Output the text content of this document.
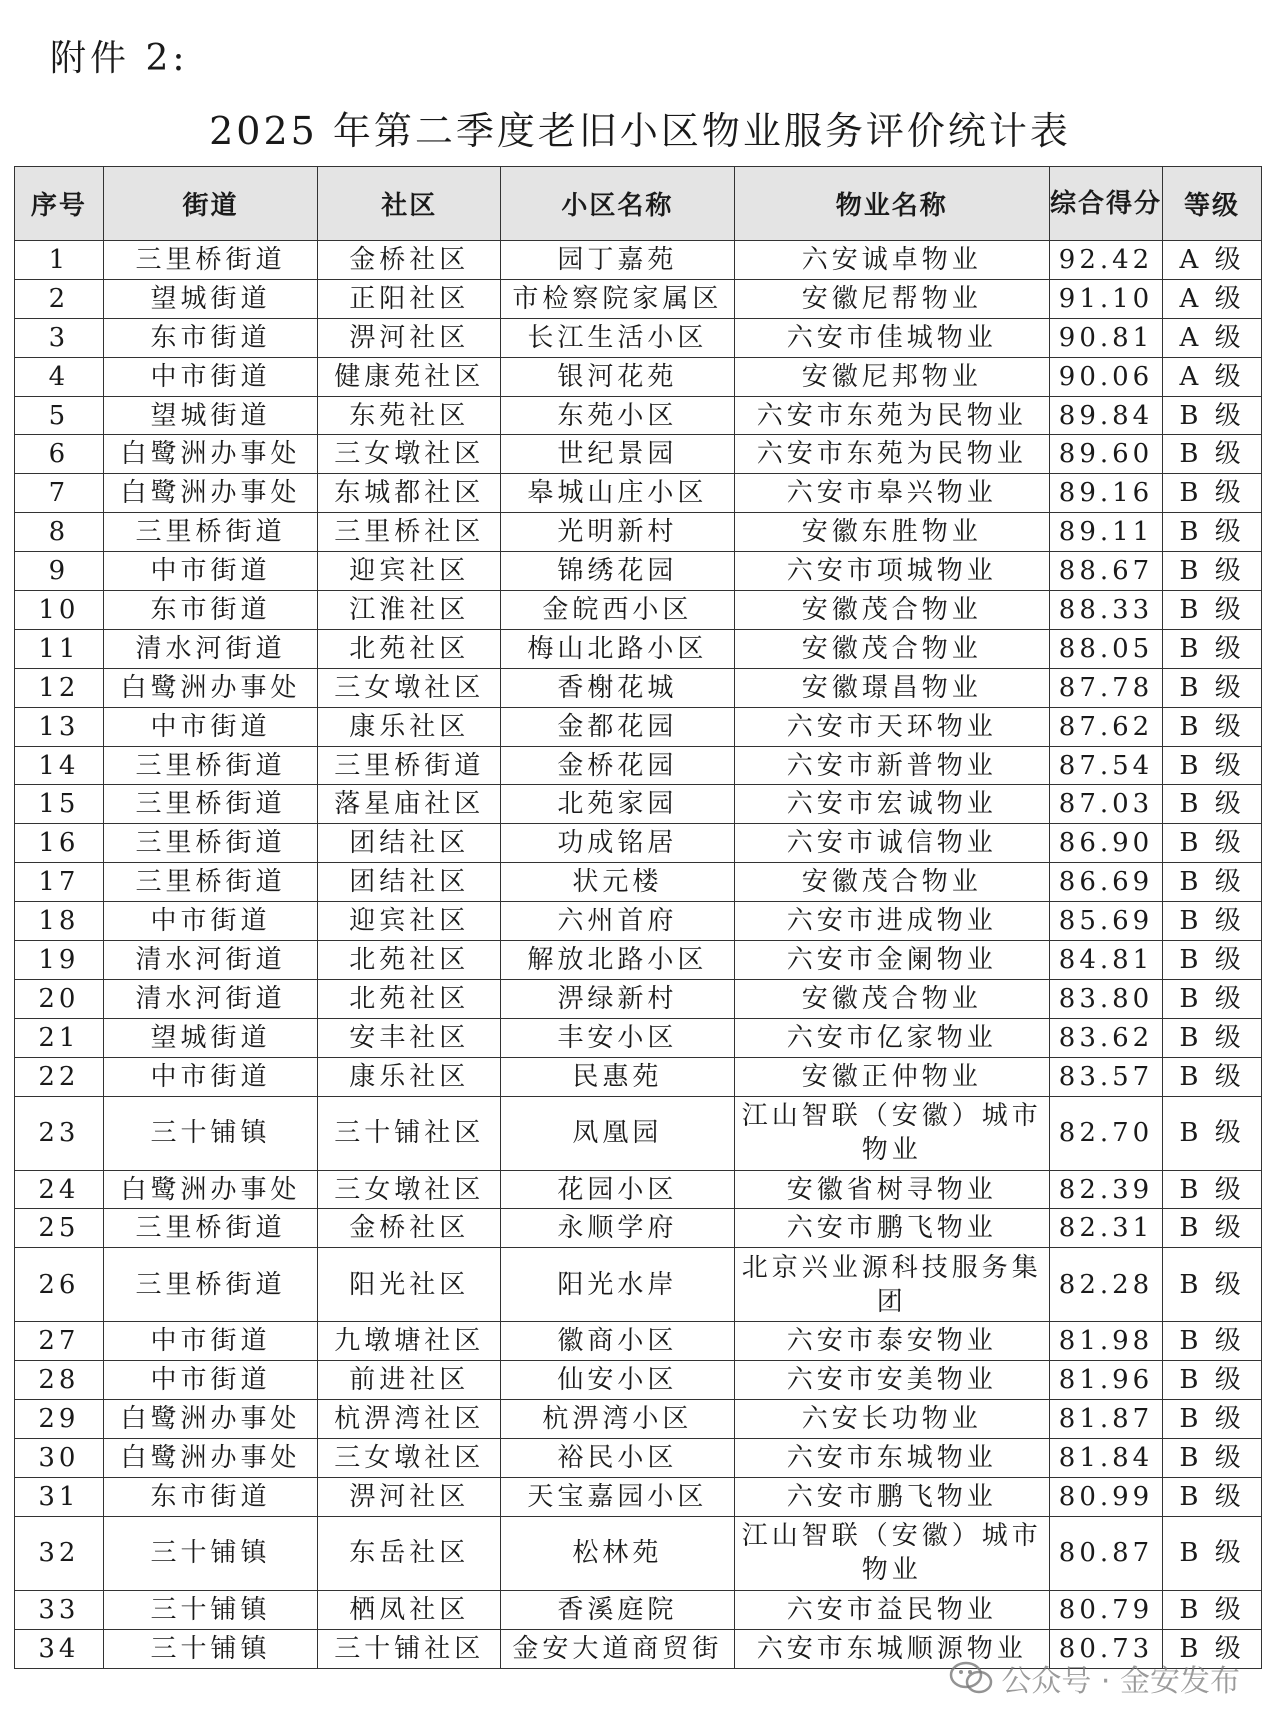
附件 2:
2025 年第二季度老旧小区物业服务评价统计表
序号	街道	社区	小区名称	物业名称	综合得分	等级
1	三里桥街道	金桥社区	园丁嘉苑	六安诚卓物业	92.42	A 级
2	望城街道	正阳社区	市检察院家属区	安徽尼帮物业	91.10	A 级
3	东市街道	淠河社区	长江生活小区	六安市佳城物业	90.81	A 级
4	中市街道	健康苑社区	银河花苑	安徽尼邦物业	90.06	A 级
5	望城街道	东苑社区	东苑小区	六安市东苑为民物业	89.84	B 级
6	白鹭洲办事处	三女墩社区	世纪景园	六安市东苑为民物业	89.60	B 级
7	白鹭洲办事处	东城都社区	皋城山庄小区	六安市皋兴物业	89.16	B 级
8	三里桥街道	三里桥社区	光明新村	安徽东胜物业	89.11	B 级
9	中市街道	迎宾社区	锦绣花园	六安市项城物业	88.67	B 级
10	东市街道	江淮社区	金皖西小区	安徽茂合物业	88.33	B 级
11	清水河街道	北苑社区	梅山北路小区	安徽茂合物业	88.05	B 级
12	白鹭洲办事处	三女墩社区	香榭花城	安徽璟昌物业	87.78	B 级
13	中市街道	康乐社区	金都花园	六安市天环物业	87.62	B 级
14	三里桥街道	三里桥街道	金桥花园	六安市新普物业	87.54	B 级
15	三里桥街道	落星庙社区	北苑家园	六安市宏诚物业	87.03	B 级
16	三里桥街道	团结社区	功成铭居	六安市诚信物业	86.90	B 级
17	三里桥街道	团结社区	状元楼	安徽茂合物业	86.69	B 级
18	中市街道	迎宾社区	六州首府	六安市进成物业	85.69	B 级
19	清水河街道	北苑社区	解放北路小区	六安市金阑物业	84.81	B 级
20	清水河街道	北苑社区	淠绿新村	安徽茂合物业	83.80	B 级
21	望城街道	安丰社区	丰安小区	六安市亿家物业	83.62	B 级
22	中市街道	康乐社区	民惠苑	安徽正仲物业	83.57	B 级
23	三十铺镇	三十铺社区	凤凰园	江山智联（安徽）城市物业	82.70	B 级
24	白鹭洲办事处	三女墩社区	花园小区	安徽省树寻物业	82.39	B 级
25	三里桥街道	金桥社区	永顺学府	六安市鹏飞物业	82.31	B 级
26	三里桥街道	阳光社区	阳光水岸	北京兴业源科技服务集团	82.28	B 级
27	中市街道	九墩塘社区	徽商小区	六安市泰安物业	81.98	B 级
28	中市街道	前进社区	仙安小区	六安市安美物业	81.96	B 级
29	白鹭洲办事处	杭淠湾社区	杭淠湾小区	六安长功物业	81.87	B 级
30	白鹭洲办事处	三女墩社区	裕民小区	六安市东城物业	81.84	B 级
31	东市街道	淠河社区	天宝嘉园小区	六安市鹏飞物业	80.99	B 级
32	三十铺镇	东岳社区	松林苑	江山智联（安徽）城市物业	80.87	B 级
33	三十铺镇	栖凤社区	香溪庭院	六安市益民物业	80.79	B 级
34	三十铺镇	三十铺社区	金安大道商贸街	六安市东城顺源物业	80.73	B 级
公众号 · 金安发布
